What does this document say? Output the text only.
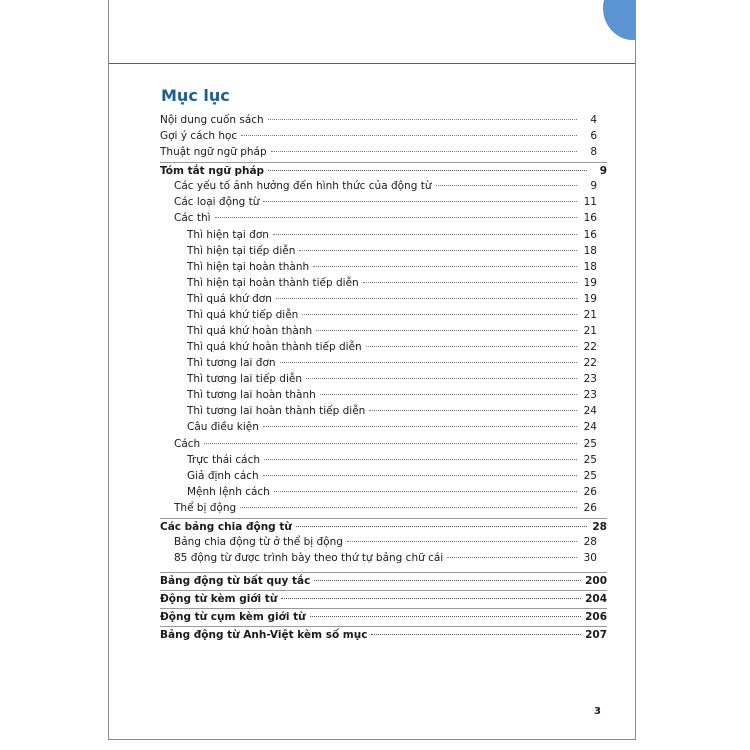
Mục lục
Nội dung cuốn sách	4
Gợi ý cách học	6
Thuật ngữ ngữ pháp	8
Tóm tắt ngữ pháp	9
Các yếu tố ảnh hưởng đến hình thức của động từ	9
Các loại động từ	11
Các thì	16
Thì hiện tại đơn	16
Thì hiện tại tiếp diễn	18
Thì hiện tại hoàn thành	18
Thì hiện tại hoàn thành tiếp diễn	19
Thì quá khứ đơn	19
Thì quá khứ tiếp diễn	21
Thì quá khứ hoàn thành	21
Thì quá khứ hoàn thành tiếp diễn	22
Thì tương lai đơn	22
Thì tương lai tiếp diễn	23
Thì tương lai hoàn thành	23
Thì tương lai hoàn thành tiếp diễn	24
Câu điều kiện	24
Cách	25
Trực thái cách	25
Giả định cách	25
Mệnh lệnh cách	26
Thể bị động	26
Các bảng chia động từ	28
Bảng chia động từ ở thể bị động	28
85 động từ được trình bày theo thứ tự bảng chữ cái	30
Bảng động từ bất quy tắc	200
Động từ kèm giới từ	204
Động từ cụm kèm giới từ	206
Bảng động từ Anh-Việt kèm số mục	207
3
